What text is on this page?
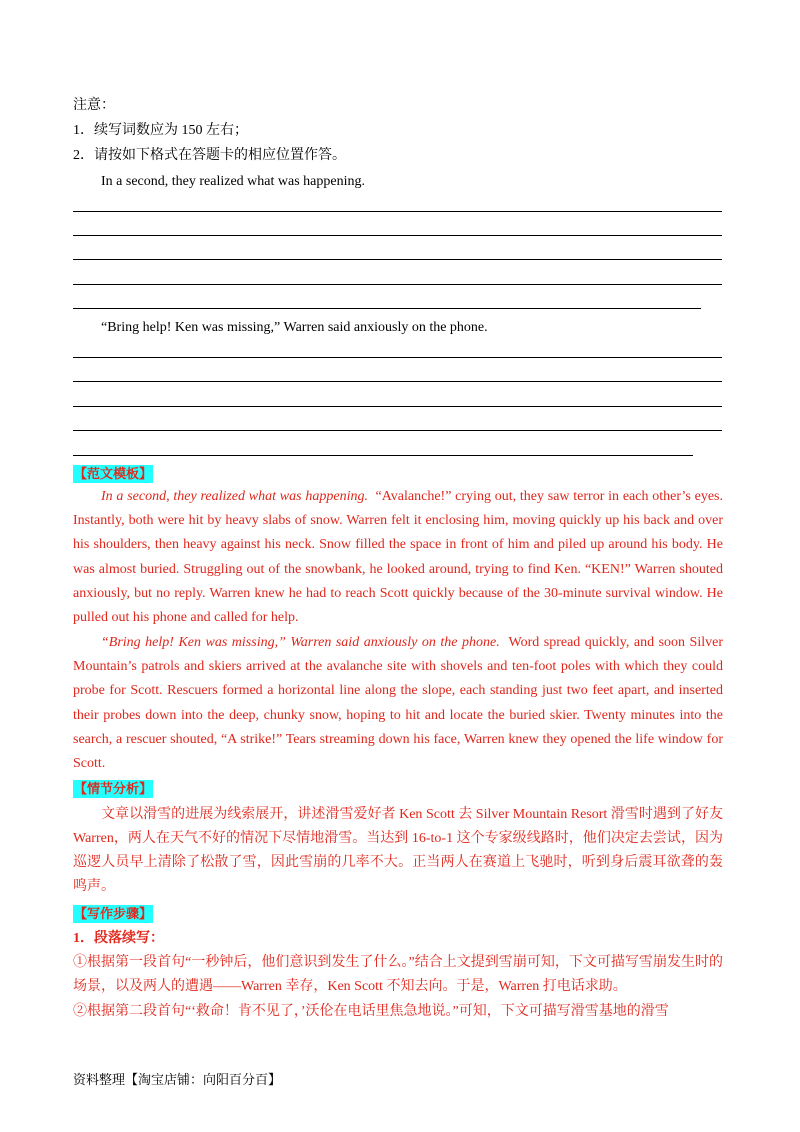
注意：
1．续写词数应为 150 左右；
2．请按如下格式在答题卡的相应位置作答。
In a second, they realized what was happening.
“Bring help! Ken was missing,” Warren said anxiously on the phone.
【范文模板】
In a second, they realized what was happening. “Avalanche!” crying out, they saw terror in each other’s eyes. Instantly, both were hit by heavy slabs of snow. Warren felt it enclosing him, moving quickly up his back and over his shoulders, then heavy against his neck. Snow filled the space in front of him and piled up around his body. He was almost buried. Struggling out of the snowbank, he looked around, trying to find Ken. “KEN!” Warren shouted anxiously, but no reply. Warren knew he had to reach Scott quickly because of the 30-minute survival window. He pulled out his phone and called for help.
“Bring help! Ken was missing,” Warren said anxiously on the phone. Word spread quickly, and soon Silver Mountain’s patrols and skiers arrived at the avalanche site with shovels and ten-foot poles with which they could probe for Scott. Rescuers formed a horizontal line along the slope, each standing just two feet apart, and inserted their probes down into the deep, chunky snow, hoping to hit and locate the buried skier. Twenty minutes into the search, a rescuer shouted, “A strike!” Tears streaming down his face, Warren knew they opened the life window for Scott.
【情节分析】
文章以滑雪的进展为线索展开，讲述滑雪爱好者 Ken Scott 去 Silver Mountain Resort 滑雪时遇到了好友 Warren，两人在天气不好的情况下尽情地滑雪。当达到 16-to-1 这个专家级线路时，他们决定去尝试，因为巡逻人员早上清除了松散了雪，因此雪崩的几率不大。正当两人在赛道上飞驰时，听到身后震耳欲聋的轰鸣声。
【写作步骤】
1．段落续写：
①根据第一段首句“一秒钟后，他们意识到发生了什么。”结合上文提到雪崩可知，下文可描写雪崩发生时的场景，以及两人的遭遇——Warren 幸存，Ken Scott 不知去向。于是，Warren 打电话求助。
②根据第二段首句“‘救命！肯不见了，’沃伦在电话里焦急地说。”可知，下文可描写滑雪基地的滑雪
资料整理【淘宝店铺：向阳百分百】
